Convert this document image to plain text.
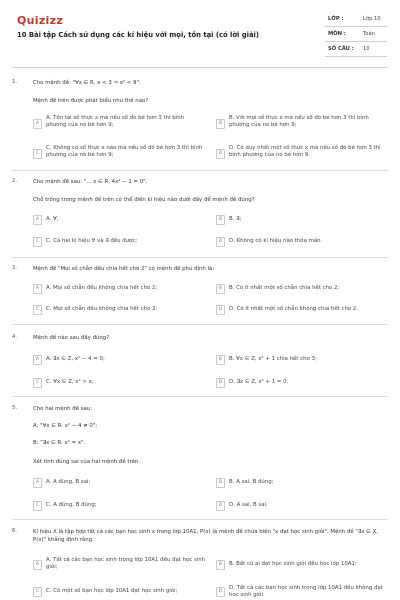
Quizizz
10 Bài tập Cách sử dụng các kí hiệu với mọi, tồn tại (có lời giải)
LỚP :	Lớp 10
MÔN :	Toán
SỐ CÂU : 10
1.	Cho mệnh đề: "∀x ∈ R, x < 3 ⇒ x² < 9".
Mệnh đề trên được phát biểu như thế nào?
A
A. Tồn tại số thực x mà nếu số đó bé hơn 3 thì bình phương của nó bé hơn 9;	B
B. Với mọi số thực x mà nếu số đó bé hơn 3 thì bình phương của nó bé hơn 9;
C
C. Không có số thực x nào mà nếu số đó bé hơn 3 thì bình phương của nó bé hơn 9;	D
D. Có duy nhất một số thực x mà nếu số đó bé hơn 3 thì bình phương của nó bé hơn 9.
2.	Cho mệnh đề sau: "... x ∈ R, 4x² − 1 = 0".
Chỗ trống trong mệnh đề trên có thể điền kí hiệu nào dưới đây để mệnh đề đúng?
A	A. ∀;	B	B. ∃;
C	C. Cả hai kí hiệu ∀ và ∃ đều được;	D	D. Không có kí hiệu nào thỏa mãn.
3.	Mệnh đề "Mọi số chẵn đều chia hết cho 2" có mệnh đề phủ định là:
A	A. Mọi số chẵn đều không chia hết cho 2;	B	B. Có ít nhất một số chẵn chia hết cho 2;
C	C. Mọi số chẵn đều không chia hết cho 2;	D	D. Có ít nhất một số chẵn không chia hết cho 2.
4.	Mệnh đề nào sau đây đúng?
A	A. ∃x ∈ Z, x² − 4 = 0;	B	B. ∀x ∈ Z, x² + 1 chia hết cho 3;
C	C. ∀x ∈ Z, x² > x;	D	D. ∃x ∈ Z, x² + 1 = 0.
5.	Cho hai mệnh đề sau:
A: "∀x ∈ R: x² − 4 ≠ 0";
B: "∃x ∈ R: x² = x".
Xét tính đúng sai của hai mệnh đề trên.
A	A. A đúng, B sai;	B	B. A sai, B đúng;
C	C. A đúng, B đúng;	D	D. A sai, B sai.
6.	Kí hiệu X là tập hợp tất cả các bạn học sinh x trong lớp 10A1, P(x) là mệnh đề chứa biến "x đạt học sinh giỏi". Mệnh đề "∃x ∈ X, P(x)" khẳng định rằng:
A
A. Tất cả các bạn học sinh trong lớp 10A1 đều đạt học sinh giỏi;	B	B. Bất cứ ai đạt học sinh giỏi đều học lớp 10A1;
C	C. Có một số bạn học lớp 10A1 đạt học sinh giỏi;	D
D. Tất cả các bạn học sinh trong lớp 10A1 đều không đạt học sinh giỏi.
